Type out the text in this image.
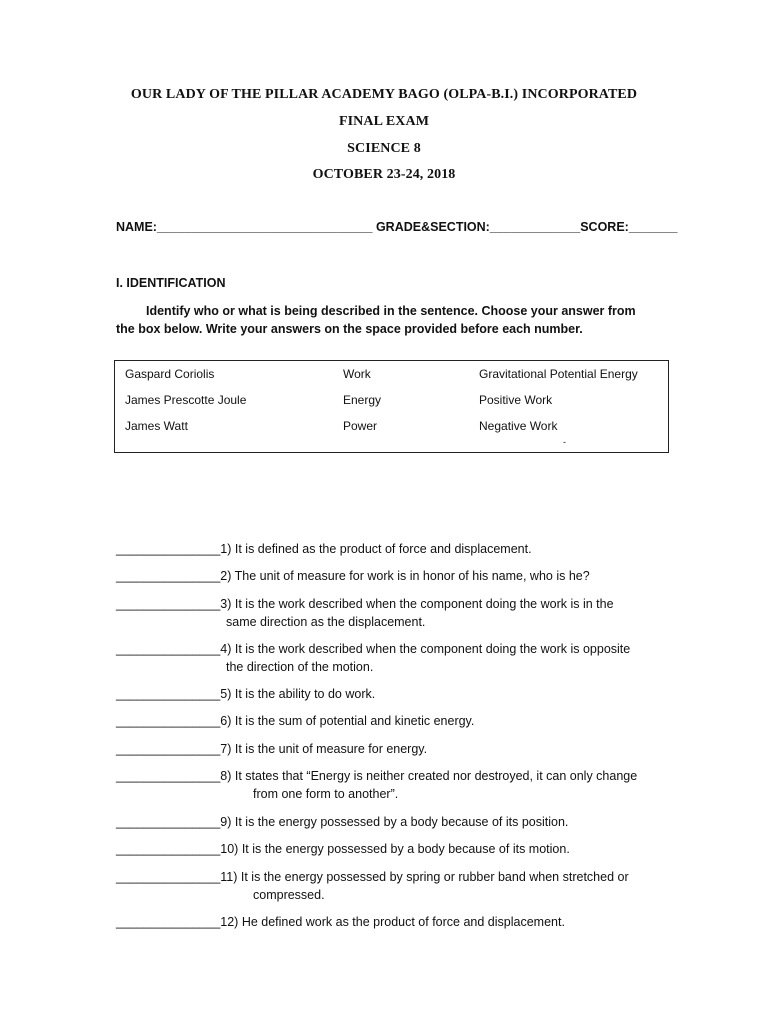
OUR LADY OF THE PILLAR ACADEMY BAGO (OLPA-B.I.) INCORPORATED
FINAL EXAM
SCIENCE 8
OCTOBER 23-24, 2018
NAME:_______________________________ GRADE&SECTION:_____________SCORE:_______
I. IDENTIFICATION
Identify who or what is being described in the sentence. Choose your answer from the box below. Write your answers on the space provided before each number.
Gaspard Coriolis
James Prescotte Joule
James Watt
Work
Energy
Power
Gravitational Potential Energy
Positive Work
Negative Work
-
_______________1) It is defined as the product of force and displacement.
_______________2) The unit of measure for work is in honor of his name, who is he?
_______________3) It is the work described when the component doing the work is in the
same direction as the displacement.
_______________4) It is the work described when the component doing the work is opposite
the direction of the motion.
_______________5) It is the ability to do work.
_______________6) It is the sum of potential and kinetic energy.
_______________7) It is the unit of measure for energy.
_______________8) It states that “Energy is neither created nor destroyed, it can only change
from one form to another”.
_______________9) It is the energy possessed by a body because of its position.
_______________10) It is the energy possessed by a body because of its motion.
_______________11) It is the energy possessed by spring or rubber band when stretched or
compressed.
_______________12) He defined work as the product of force and displacement.
